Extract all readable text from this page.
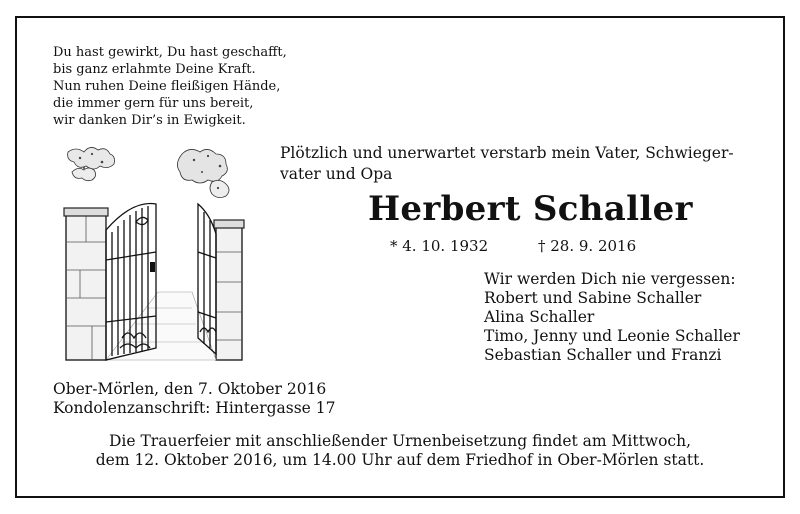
Du hast gewirkt, Du hast geschafft,
bis ganz erlahmte Deine Kraft.
Nun ruhen Deine fleißigen Hände,
die immer gern für uns bereit,
wir danken Dir’s in Ewigkeit.

Plötzlich und unerwartet verstarb mein Vater, Schwieger-vater und Opa

Herbert Schaller
* 4. 10. 1932	† 28. 9. 2016
Wir werden Dich nie vergessen:
Robert und Sabine Schaller
Alina Schaller
Timo, Jenny und Leonie Schaller
Sebastian Schaller und Franzi
Ober-Mörlen, den 7. Oktober 2016
Kondolenzanschrift: Hintergasse 17
Die Trauerfeier mit anschließender Urnenbeisetzung findet am Mittwoch,
dem 12. Oktober 2016, um 14.00 Uhr auf dem Friedhof in Ober-Mörlen statt.
